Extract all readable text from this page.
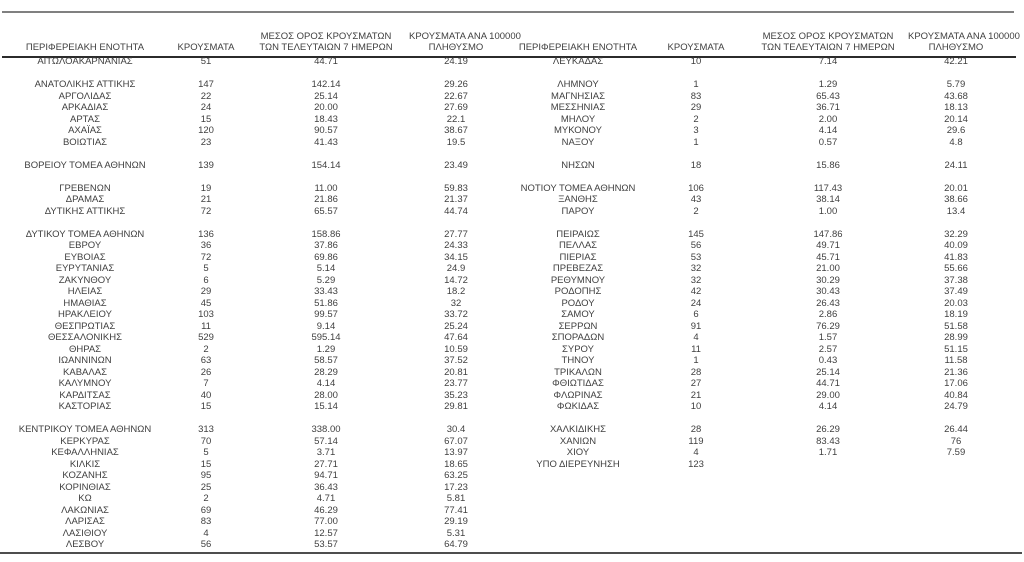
ΠΕΡΙΦΕΡΕΙΑΚΗ ΕΝΟΤΗΤΑ	ΚΡΟΥΣΜΑΤΑ	ΜΕΣΟΣ ΟΡΟΣ ΚΡΟΥΣΜΑΤΩΝ
ΤΩΝ ΤΕΛΕΥΤΑΙΩΝ 7 ΗΜΕΡΩΝ	ΚΡΟΥΣΜΑΤΑ ΑΝΑ 100000
ΠΛΗΘΥΣΜΟ
ΑΙΤΩΛΟΑΚΑΡΝΑΝΙΑΣ	51	44.71	24.19

ΑΝΑΤΟΛΙΚΗΣ ΑΤΤΙΚΗΣ	147	142.14	29.26
ΑΡΓΟΛΙΔΑΣ	22	25.14	22.67
ΑΡΚΑΔΙΑΣ	24	20.00	27.69
ΑΡΤΑΣ	15	18.43	22.1
ΑΧΑΪΑΣ	120	90.57	38.67
ΒΟΙΩΤΙΑΣ	23	41.43	19.5

ΒΟΡΕΙΟΥ ΤΟΜΕΑ ΑΘΗΝΩΝ	139	154.14	23.49

ΓΡΕΒΕΝΩΝ	19	11.00	59.83
ΔΡΑΜΑΣ	21	21.86	21.37
ΔΥΤΙΚΗΣ ΑΤΤΙΚΗΣ	72	65.57	44.74

ΔΥΤΙΚΟΥ ΤΟΜΕΑ ΑΘΗΝΩΝ	136	158.86	27.77
ΕΒΡΟΥ	36	37.86	24.33
ΕΥΒΟΙΑΣ	72	69.86	34.15
ΕΥΡΥΤΑΝΙΑΣ	5	5.14	24.9
ΖΑΚΥΝΘΟΥ	6	5.29	14.72
ΗΛΕΙΑΣ	29	33.43	18.2
ΗΜΑΘΙΑΣ	45	51.86	32
ΗΡΑΚΛΕΙΟΥ	103	99.57	33.72
ΘΕΣΠΡΩΤΙΑΣ	11	9.14	25.24
ΘΕΣΣΑΛΟΝΙΚΗΣ	529	595.14	47.64
ΘΗΡΑΣ	2	1.29	10.59
ΙΩΑΝΝΙΝΩΝ	63	58.57	37.52
ΚΑΒΑΛΑΣ	26	28.29	20.81
ΚΑΛΥΜΝΟΥ	7	4.14	23.77
ΚΑΡΔΙΤΣΑΣ	40	28.00	35.23
ΚΑΣΤΟΡΙΑΣ	15	15.14	29.81

ΚΕΝΤΡΙΚΟΥ ΤΟΜΕΑ ΑΘΗΝΩΝ	313	338.00	30.4
ΚΕΡΚΥΡΑΣ	70	57.14	67.07
ΚΕΦΑΛΛΗΝΙΑΣ	5	3.71	13.97
ΚΙΛΚΙΣ	15	27.71	18.65
ΚΟΖΑΝΗΣ	95	94.71	63.25
ΚΟΡΙΝΘΙΑΣ	25	36.43	17.23
ΚΩ	2	4.71	5.81
ΛΑΚΩΝΙΑΣ	69	46.29	77.41
ΛΑΡΙΣΑΣ	83	77.00	29.19
ΛΑΣΙΘΙΟΥ	4	12.57	5.31
ΛΕΣΒΟΥ	56	53.57	64.79
ΠΕΡΙΦΕΡΕΙΑΚΗ ΕΝΟΤΗΤΑ	ΚΡΟΥΣΜΑΤΑ	ΜΕΣΟΣ ΟΡΟΣ ΚΡΟΥΣΜΑΤΩΝ
ΤΩΝ ΤΕΛΕΥΤΑΙΩΝ 7 ΗΜΕΡΩΝ	ΚΡΟΥΣΜΑΤΑ ΑΝΑ 100000
ΠΛΗΘΥΣΜΟ
ΛΕΥΚΑΔΑΣ	10	7.14	42.21

ΛΗΜΝΟΥ	1	1.29	5.79
ΜΑΓΝΗΣΙΑΣ	83	65.43	43.68
ΜΕΣΣΗΝΙΑΣ	29	36.71	18.13
ΜΗΛΟΥ	2	2.00	20.14
ΜΥΚΟΝΟΥ	3	4.14	29.6
ΝΑΞΟΥ	1	0.57	4.8

ΝΗΣΩΝ	18	15.86	24.11

ΝΟΤΙΟΥ ΤΟΜΕΑ ΑΘΗΝΩΝ	106	117.43	20.01
ΞΑΝΘΗΣ	43	38.14	38.66
ΠΑΡΟΥ	2	1.00	13.4

ΠΕΙΡΑΙΩΣ	145	147.86	32.29
ΠΕΛΛΑΣ	56	49.71	40.09
ΠΙΕΡΙΑΣ	53	45.71	41.83
ΠΡΕΒΕΖΑΣ	32	21.00	55.66
ΡΕΘΥΜΝΟΥ	32	30.29	37.38
ΡΟΔΟΠΗΣ	42	30.43	37.49
ΡΟΔΟΥ	24	26.43	20.03
ΣΑΜΟΥ	6	2.86	18.19
ΣΕΡΡΩΝ	91	76.29	51.58
ΣΠΟΡΑΔΩΝ	4	1.57	28.99
ΣΥΡΟΥ	11	2.57	51.15
ΤΗΝΟΥ	1	0.43	11.58
ΤΡΙΚΑΛΩΝ	28	25.14	21.36
ΦΘΙΩΤΙΔΑΣ	27	44.71	17.06
ΦΛΩΡΙΝΑΣ	21	29.00	40.84
ΦΩΚΙΔΑΣ	10	4.14	24.79

ΧΑΛΚΙΔΙΚΗΣ	28	26.29	26.44
ΧΑΝΙΩΝ	119	83.43	76
ΧΙΟΥ	4	1.71	7.59
ΥΠΟ ΔΙΕΡΕΥΝΗΣΗ	123		
